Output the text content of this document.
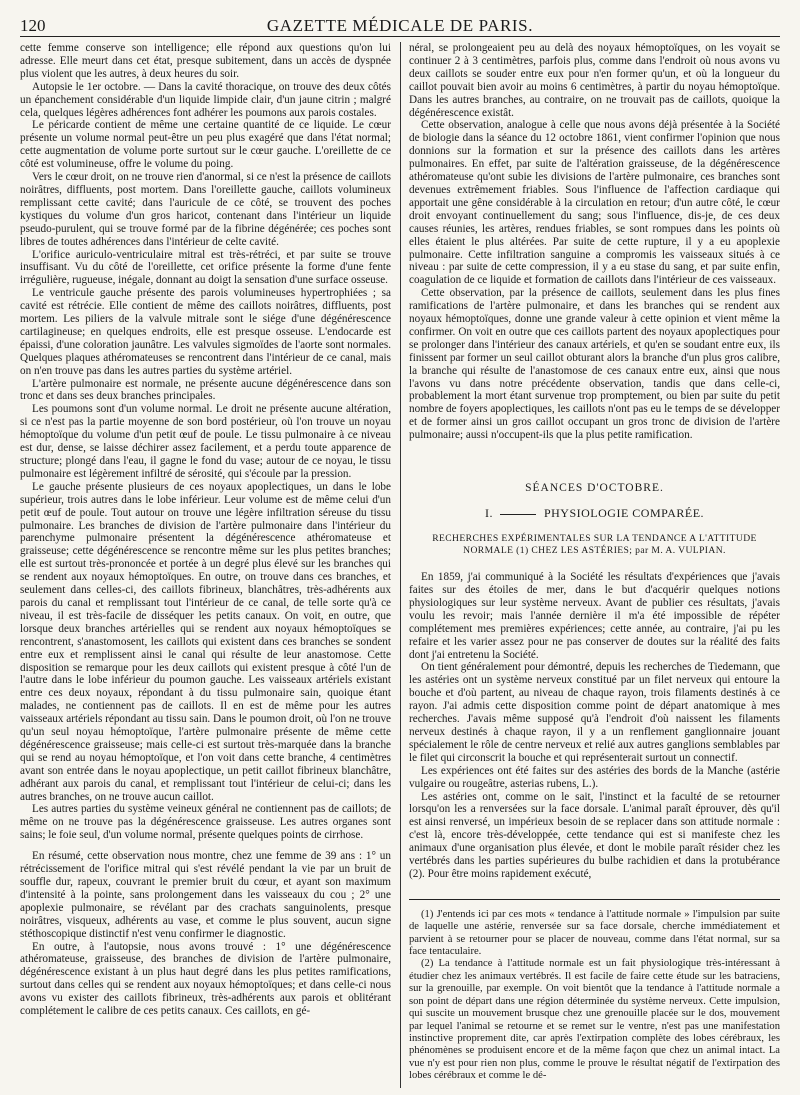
120	GAZETTE MÉDICALE DE PARIS.

cette femme conserve son intelligence; elle répond aux questions qu'on lui adresse. Elle meurt dans cet état, presque subitement, dans un accès de dyspnée plus violent que les autres, à deux heures du soir.

Autopsie le 1er octobre. — Dans la cavité thoracique, on trouve des deux côtés un épanchement considérable d'un liquide limpide clair, d'un jaune citrin ; malgré cela, quelques légères adhérences font adhérer les poumons aux parois costales.

Le péricarde contient de même une certaine quantité de ce liquide. Le cœur présente un volume normal peut-être un peu plus exagéré que dans l'état normal; cette augmentation de volume porte surtout sur le cœur gauche. L'oreillette de ce côté est volumineuse, offre le volume du poing.

Vers le cœur droit, on ne trouve rien d'anormal, si ce n'est la présence de caillots noirâtres, diffluents, post mortem. Dans l'oreillette gauche, caillots volumineux remplissant cette cavité; dans l'auricule de ce côté, se trouvent des poches kystiques du volume d'un gros haricot, contenant dans l'intérieur un liquide pseudo-purulent, qui se trouve formé par de la fibrine dégénérée; ces poches sont libres de toutes adhérences dans l'intérieur de celte cavité.

L'orifice auriculo-ventriculaire mitral est très-rétréci, et par suite se trouve insuffisant. Vu du côté de l'oreillette, cet orifice présente la forme d'une fente irrégulière, rugueuse, inégale, donnant au doigt la sensation d'une surface osseuse.

Le ventricule gauche présente des parois volumineuses hypertrophiées ; sa cavité est rétrécie. Elle contient de même des caillots noirâtres, diffluents, post mortem. Les piliers de la valvule mitrale sont le siége d'une dégénérescence cartilagineuse; en quelques endroits, elle est presque osseuse. L'endocarde est épaissi, d'une coloration jaunâtre. Les valvules sigmoïdes de l'aorte sont normales. Quelques plaques athéromateuses se rencontrent dans l'intérieur de ce canal, mais on n'en trouve pas dans les autres parties du système artériel.

L'artère pulmonaire est normale, ne présente aucune dégénérescence dans son tronc et dans ses deux branches principales.

Les poumons sont d'un volume normal. Le droit ne présente aucune altération, si ce n'est pas la partie moyenne de son bord postérieur, où l'on trouve un noyau hémoptoïque du volume d'un petit œuf de poule. Le tissu pulmonaire à ce niveau est dur, dense, se laisse déchirer assez facilement, et a perdu toute apparence de structure; plongé dans l'eau, il gagne le fond du vase; autour de ce noyau, le tissu pulmonaire est légèrement infiltré de sérosité, qui s'écoule par la pression.

Le gauche présente plusieurs de ces noyaux apoplectiques, un dans le lobe supérieur, trois autres dans le lobe inférieur. Leur volume est de même celui d'un petit œuf de poule. Tout autour on trouve une légère infiltration séreuse du tissu pulmonaire. Les branches de division de l'artère pulmonaire dans l'intérieur du parenchyme pulmonaire présentent la dégénérescence athéromateuse et graisseuse; cette dégénérescence se rencontre même sur les plus petites branches; elle est surtout très-prononcée et portée à un degré plus élevé sur les branches qui se rendent aux noyaux hémoptoïques. En outre, on trouve dans ces branches, et seulement dans celles-ci, des caillots fibrineux, blanchâtres, très-adhérents aux parois du canal et remplissant tout l'intérieur de ce canal, de telle sorte qu'à ce niveau, il est très-facile de disséquer les petits canaux. On voit, en outre, que lorsque deux branches artérielles qui se rendent aux noyaux hémoptoïques se rencontrent, s'anastomosent, les caillots qui existent dans ces branches se sondent entre eux et remplissent ainsi le canal qui résulte de leur anastomose. Cette disposition se remarque pour les deux caillots qui existent presque à côté l'un de l'autre dans le lobe inférieur du poumon gauche. Les vaisseaux artériels existant entre ces deux noyaux, répondant à du tissu pulmonaire sain, quoique étant malades, ne contiennent pas de caillots. Il en est de même pour les autres vaisseaux artériels répondant au tissu sain. Dans le poumon droit, où l'on ne trouve qu'un seul noyau hémoptoïque, l'artère pulmonaire présente de même cette dégénérescence graisseuse; mais celle-ci est surtout très-marquée dans la branche qui se rend au noyau hémoptoïque, et l'on voit dans cette branche, 4 centimètres avant son entrée dans le noyau apoplectique, un petit caillot fibrineux blanchâtre, adhérant aux parois du canal, et remplissant tout l'intérieur de celui-ci; dans les autres branches, on ne trouve aucun caillot.

Les autres parties du système veineux général ne contiennent pas de caillots; de même on ne trouve pas la dégénérescence graisseuse. Les autres organes sont sains; le foie seul, d'un volume normal, présente quelques points de cirrhose.

En résumé, cette observation nous montre, chez une femme de 39 ans : 1° un rétrécissement de l'orifice mitral qui s'est révélé pendant la vie par un bruit de souffle dur, rapeux, couvrant le premier bruit du cœur, et ayant son maximum d'intensité à la pointe, sans prolongement dans les vaisseaux du cou ; 2° une apoplexie pulmonaire, se révélant par des crachats sanguinolents, presque noirâtres, visqueux, adhérents au vase, et comme le plus souvent, aucun signe stéthoscopique distinctif n'est venu confirmer le diagnostic.

En outre, à l'autopsie, nous avons trouvé : 1° une dégénérescence athéromateuse, graisseuse, des branches de division de l'artère pulmonaire, dégénérescence existant à un plus haut degré dans les plus petites ramifications, surtout dans celles qui se rendent aux noyaux hémoptoïques; et dans celle-ci nous avons vu exister des caillots fibrineux, très-adhérents aux parois et oblitérant complétement le calibre de ces petits canaux. Ces caillots, en gé-

néral, se prolongeaient peu au delà des noyaux hémoptoïques, on les voyait se continuer 2 à 3 centimètres, parfois plus, comme dans l'endroit où nous avons vu deux caillots se souder entre eux pour n'en former qu'un, et où la longueur du caillot pouvait bien avoir au moins 6 centimètres, à partir du noyau hémoptoïque. Dans les autres branches, au contraire, on ne trouvait pas de caillots, quoique la dégénérescence existât.

Cette observation, analogue à celle que nous avons déjà présentée à la Société de biologie dans la séance du 12 octobre 1861, vient confirmer l'opinion que nous donnions sur la formation et sur la présence des caillots dans les artères pulmonaires. En effet, par suite de l'altération graisseuse, de la dégénérescence athéromateuse qu'ont subie les divisions de l'artère pulmonaire, ces branches sont devenues extrêmement friables. Sous l'influence de l'affection cardiaque qui apportait une gêne considérable à la circulation en retour; d'un autre côté, le cœur droit envoyant continuellement du sang; sous l'influence, dis-je, de ces deux causes réunies, les artères, rendues friables, se sont rompues dans les points où elles étaient le plus altérées. Par suite de cette rupture, il y a eu apoplexie pulmonaire. Cette infiltration sanguine a compromis les vaisseaux situés à ce niveau : par suite de cette compression, il y a eu stase du sang, et par suite enfin, coagulation de ce liquide et formation de caillots dans l'intérieur de ces vaisseaux.

Cette observation, par la présence de caillots, seulement dans les plus fines ramifications de l'artère pulmonaire, et dans les branches qui se rendent aux noyaux hémoptoïques, donne une grande valeur à cette opinion et vient même la confirmer. On voit en outre que ces caillots partent des noyaux apoplectiques pour se prolonger dans l'intérieur des canaux artériels, et qu'en se soudant entre eux, ils finissent par former un seul caillot obturant alors la branche d'un plus gros calibre, la branche qui résulte de l'anastomose de ces canaux entre eux, ainsi que nous l'avons vu dans notre précédente observation, tandis que dans celle-ci, probablement la mort étant survenue trop promptement, ou bien par suite du petit nombre de foyers apoplectiques, les caillots n'ont pas eu le temps de se développer et de former ainsi un gros caillot occupant un gros tronc de division de l'artère pulmonaire; aussi n'occupent-ils que la plus petite ramification.

SÉANCES D'OCTOBRE.
I.	PHYSIOLOGIE COMPARÉE.
RECHERCHES EXPÉRIMENTALES SUR LA TENDANCE A L'ATTITUDE NORMALE (1) CHEZ LES ASTÉRIES; par M. A. VULPIAN.

En 1859, j'ai communiqué à la Société les résultats d'expériences que j'avais faites sur des étoiles de mer, dans le but d'acquérir quelques notions physiologiques sur leur système nerveux. Avant de publier ces résultats, j'avais voulu les revoir; mais l'année dernière il m'a été impossible de répéter complétement mes premières expériences; cette année, au contraire, j'ai pu les refaire et les varier assez pour ne pas conserver de doutes sur la réalité des faits dont j'ai entretenu la Société.

On tient généralement pour démontré, depuis les recherches de Tiedemann, que les astéries ont un système nerveux constitué par un filet nerveux qui entoure la bouche et d'où partent, au niveau de chaque rayon, trois filaments destinés à ce rayon. J'ai admis cette disposition comme point de départ anatomique à mes recherches. J'avais même supposé qu'à l'endroit d'où naissent les filaments nerveux destinés à chaque rayon, il y a un renflement ganglionnaire jouant spécialement le rôle de centre nerveux et relié aux autres ganglions semblables par le filet qui circonscrit la bouche et qui représenterait surtout un connectif.

Les expériences ont été faites sur des astéries des bords de la Manche (astérie vulgaire ou rougeâtre, asterias rubens, L.).

Les astéries ont, comme on le sait, l'instinct et la faculté de se retourner lorsqu'on les a renversées sur la face dorsale. L'animal paraît éprouver, dès qu'il est ainsi renversé, un impérieux besoin de se replacer dans son attitude normale : c'est là, encore très-développée, cette tendance qui est si manifeste chez les animaux d'une organisation plus élevée, et dont le mobile paraît résider chez les vertébrés dans les parties supérieures du bulbe rachidien et dans la protubérance (2). Pour être moins rapidement exécuté,

(1) J'entends ici par ces mots « tendance à l'attitude normale » l'impulsion par suite de laquelle une astérie, renversée sur sa face dorsale, cherche immédiatement et parvient à se retourner pour se placer de nouveau, comme dans l'état normal, sur sa face tentaculaire.

(2) La tendance à l'attitude normale est un fait physiologique très-intéressant à étudier chez les animaux vertébrés. Il est facile de faire cette étude sur les batraciens, sur la grenouille, par exemple. On voit bientôt que la tendance à l'attitude normale a son point de départ dans une région déterminée du système nerveux. Cette impulsion, qui suscite un mouvement brusque chez une grenouille placée sur le dos, mouvement par lequel l'animal se retourne et se remet sur le ventre, n'est pas une manifestation instinctive proprement dite, car après l'extirpation complète des lobes cérébraux, les phénomènes se produisent encore et de la même façon que chez un animal intact. La vue n'y est pour rien non plus, comme le prouve le résultat négatif de l'extirpation des lobes cérébraux et comme le dé-
